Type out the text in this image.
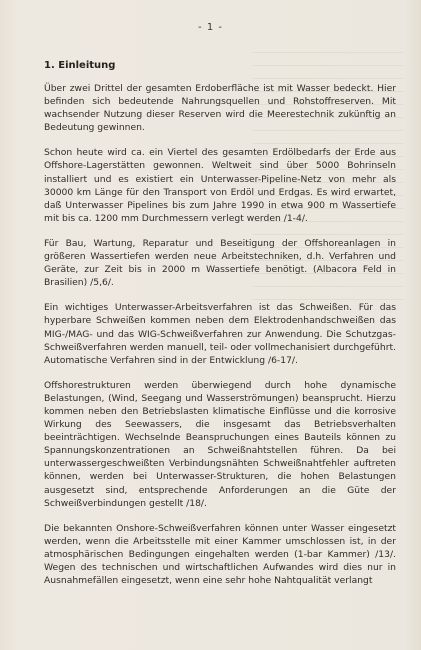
- 1 -

1. Einleitung

Über zwei Drittel der gesamten Erdoberfläche ist mit Wasser bedeckt. Hier befinden sich bedeutende Nahrungsquellen und Rohstoffreserven. Mit wachsender Nutzung dieser Reserven wird die Meerestechnik zukünftig an Bedeutung gewinnen.

Schon heute wird ca. ein Viertel des gesamten Erdölbedarfs der Erde aus Offshore-Lagerstätten gewonnen. Weltweit sind über 5000 Bohrinseln installiert und es existiert ein Unterwasser-Pipeline-Netz von mehr als 30000 km Länge für den Transport von Erdöl und Erdgas. Es wird erwartet, daß Unterwasser Pipelines bis zum Jahre 1990 in etwa 900 m Wassertiefe mit bis ca. 1200 mm Durchmessern verlegt werden /1-4/.

Für Bau, Wartung, Reparatur und Beseitigung der Offshoreanlagen in größeren Wassertiefen werden neue Arbeitstechniken, d.h. Verfahren und Geräte, zur Zeit bis in 2000 m Wassertiefe benötigt. (Albacora Feld in Brasilien) /5,6/.

Ein wichtiges Unterwasser-Arbeitsverfahren ist das Schweißen. Für das hyperbare Schweißen kommen neben dem Elektrodenhandschweißen das MIG-/MAG- und das WIG-Schweißverfahren zur Anwendung. Die Schutzgas-Schweißverfahren werden manuell, teil- oder vollmechanisiert durchgeführt. Automatische Verfahren sind in der Entwicklung /6-17/.

Offshorestrukturen werden überwiegend durch hohe dynamische Belastungen, (Wind, Seegang und Wasserströmungen) beansprucht. Hierzu kommen neben den Betriebslasten klimatische Einflüsse und die korrosive Wirkung des Seewassers, die insgesamt das Betriebsverhalten beeinträchtigen. Wechselnde Beanspruchungen eines Bauteils können zu Spannungskonzentrationen an Schweißnahtstellen führen. Da bei unterwassergeschweißten Verbindungsnähten Schweißnahtfehler auftreten können, werden bei Unterwasser-Strukturen, die hohen Belastungen ausgesetzt sind, entsprechende Anforderungen an die Güte der Schweißverbindungen gestellt /18/.

Die bekannten Onshore-Schweißverfahren können unter Wasser eingesetzt werden, wenn die Arbeitsstelle mit einer Kammer umschlossen ist, in der atmosphärischen Bedingungen eingehalten werden (1-bar Kammer) /13/. Wegen des technischen und wirtschaftlichen Aufwandes wird dies nur in Ausnahmefällen eingesetzt, wenn eine sehr hohe Nahtqualität verlangt
